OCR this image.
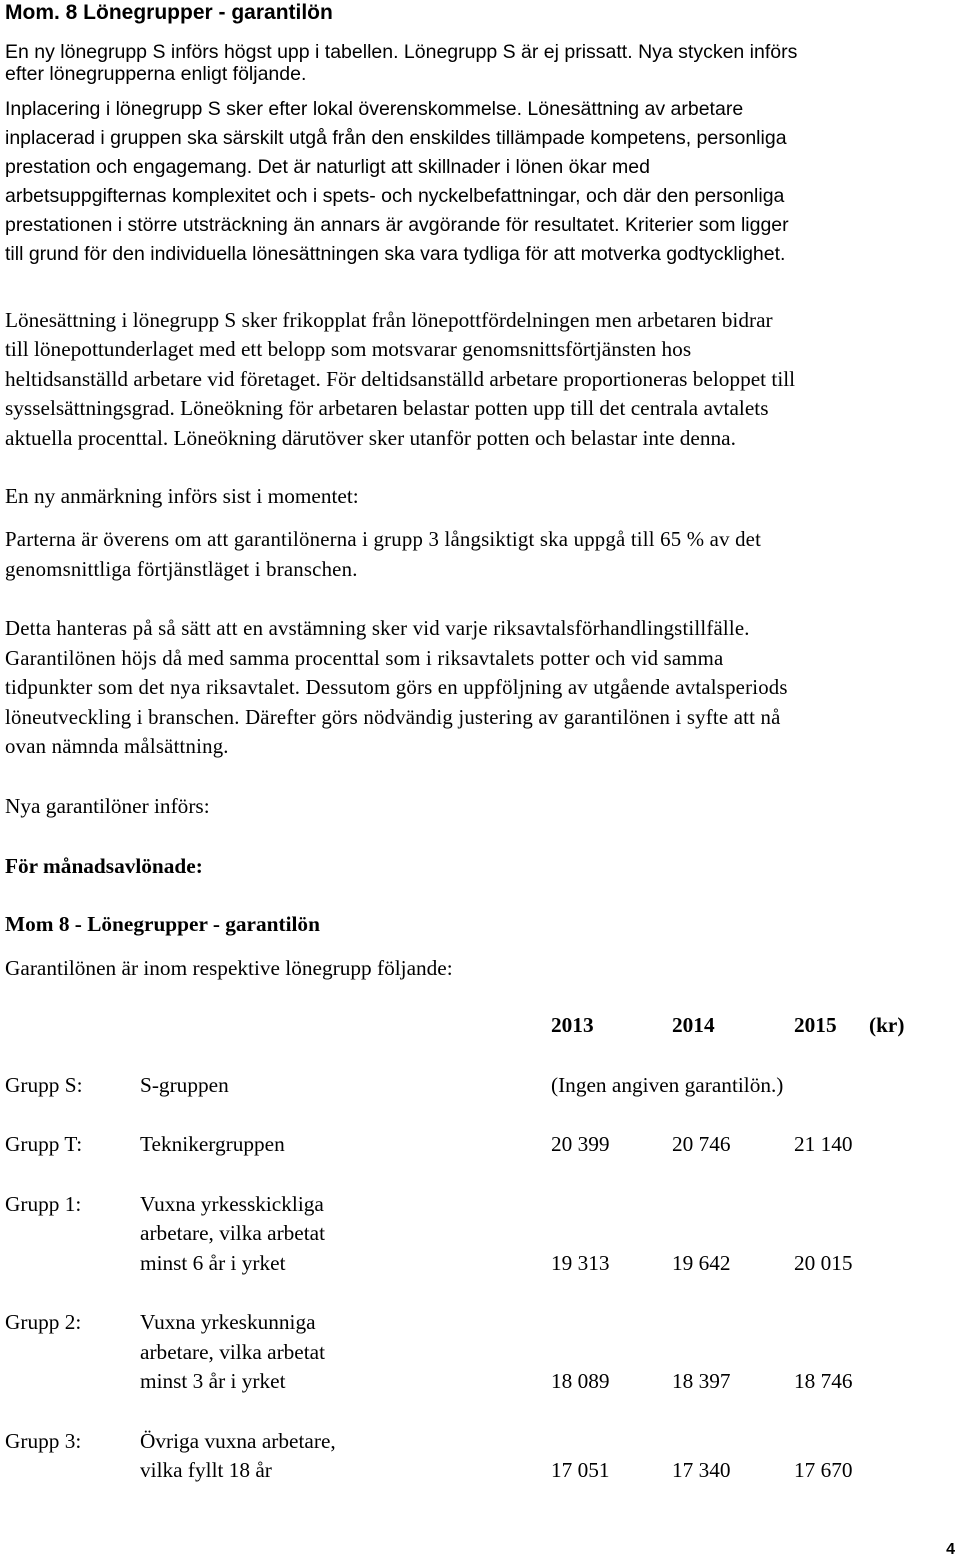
Mom. 8 Lönegrupper - garantilön
En ny lönegrupp S införs högst upp i tabellen. Lönegrupp S är ej prissatt. Nya stycken införs
efter lönegrupperna enligt följande.
Inplacering i lönegrupp S sker efter lokal överenskommelse. Lönesättning av arbetare
inplacerad i gruppen ska särskilt utgå från den enskildes tillämpade kompetens, personliga
prestation och engagemang. Det är naturligt att skillnader i lönen ökar med
arbetsuppgifternas komplexitet och i spets- och nyckelbefattningar, och där den personliga
prestationen i större utsträckning än annars är avgörande för resultatet. Kriterier som ligger
till grund för den individuella lönesättningen ska vara tydliga för att motverka godtycklighet.
Lönesättning i lönegrupp S sker frikopplat från lönepottfördelningen men arbetaren bidrar
till lönepottunderlaget med ett belopp som motsvarar genomsnittsförtjänsten hos
heltidsanställd arbetare vid företaget. För deltidsanställd arbetare proportioneras beloppet till
sysselsättningsgrad. Löneökning för arbetaren belastar potten upp till det centrala avtalets
aktuella procenttal. Löneökning därutöver sker utanför potten och belastar inte denna.
En ny anmärkning införs sist i momentet:
Parterna är överens om att garantilönerna i grupp 3 långsiktigt ska uppgå till 65 % av det
genomsnittliga förtjänstläget i branschen.
Detta hanteras på så sätt att en avstämning sker vid varje riksavtalsförhandlingstillfälle.
Garantilönen höjs då med samma procenttal som i riksavtalets potter och vid samma
tidpunkter som det nya riksavtalet. Dessutom görs en uppföljning av utgående avtalsperiods
löneutveckling i branschen. Därefter görs nödvändig justering av garantilönen i syfte att nå
ovan nämnda målsättning.
Nya garantilöner införs:
För månadsavlönade:
Mom 8 - Lönegrupper - garantilön
Garantilönen är inom respektive lönegrupp följande:
2013	2014	2015 (kr)
Grupp S:	S-gruppen	(Ingen angiven garantilön.)
Grupp T:	Teknikergruppen	20 399	20 746	21 140
Grupp 1:	Vuxna yrkesskickliga
arbetare, vilka arbetat
minst 6 år i yrket	19 313	19 642	20 015
Grupp 2:	Vuxna yrkeskunniga
arbetare, vilka arbetat
minst 3 år i yrket	18 089	18 397	18 746
Grupp 3:	Övriga vuxna arbetare,
vilka fyllt 18 år	17 051	17 340	17 670
4
